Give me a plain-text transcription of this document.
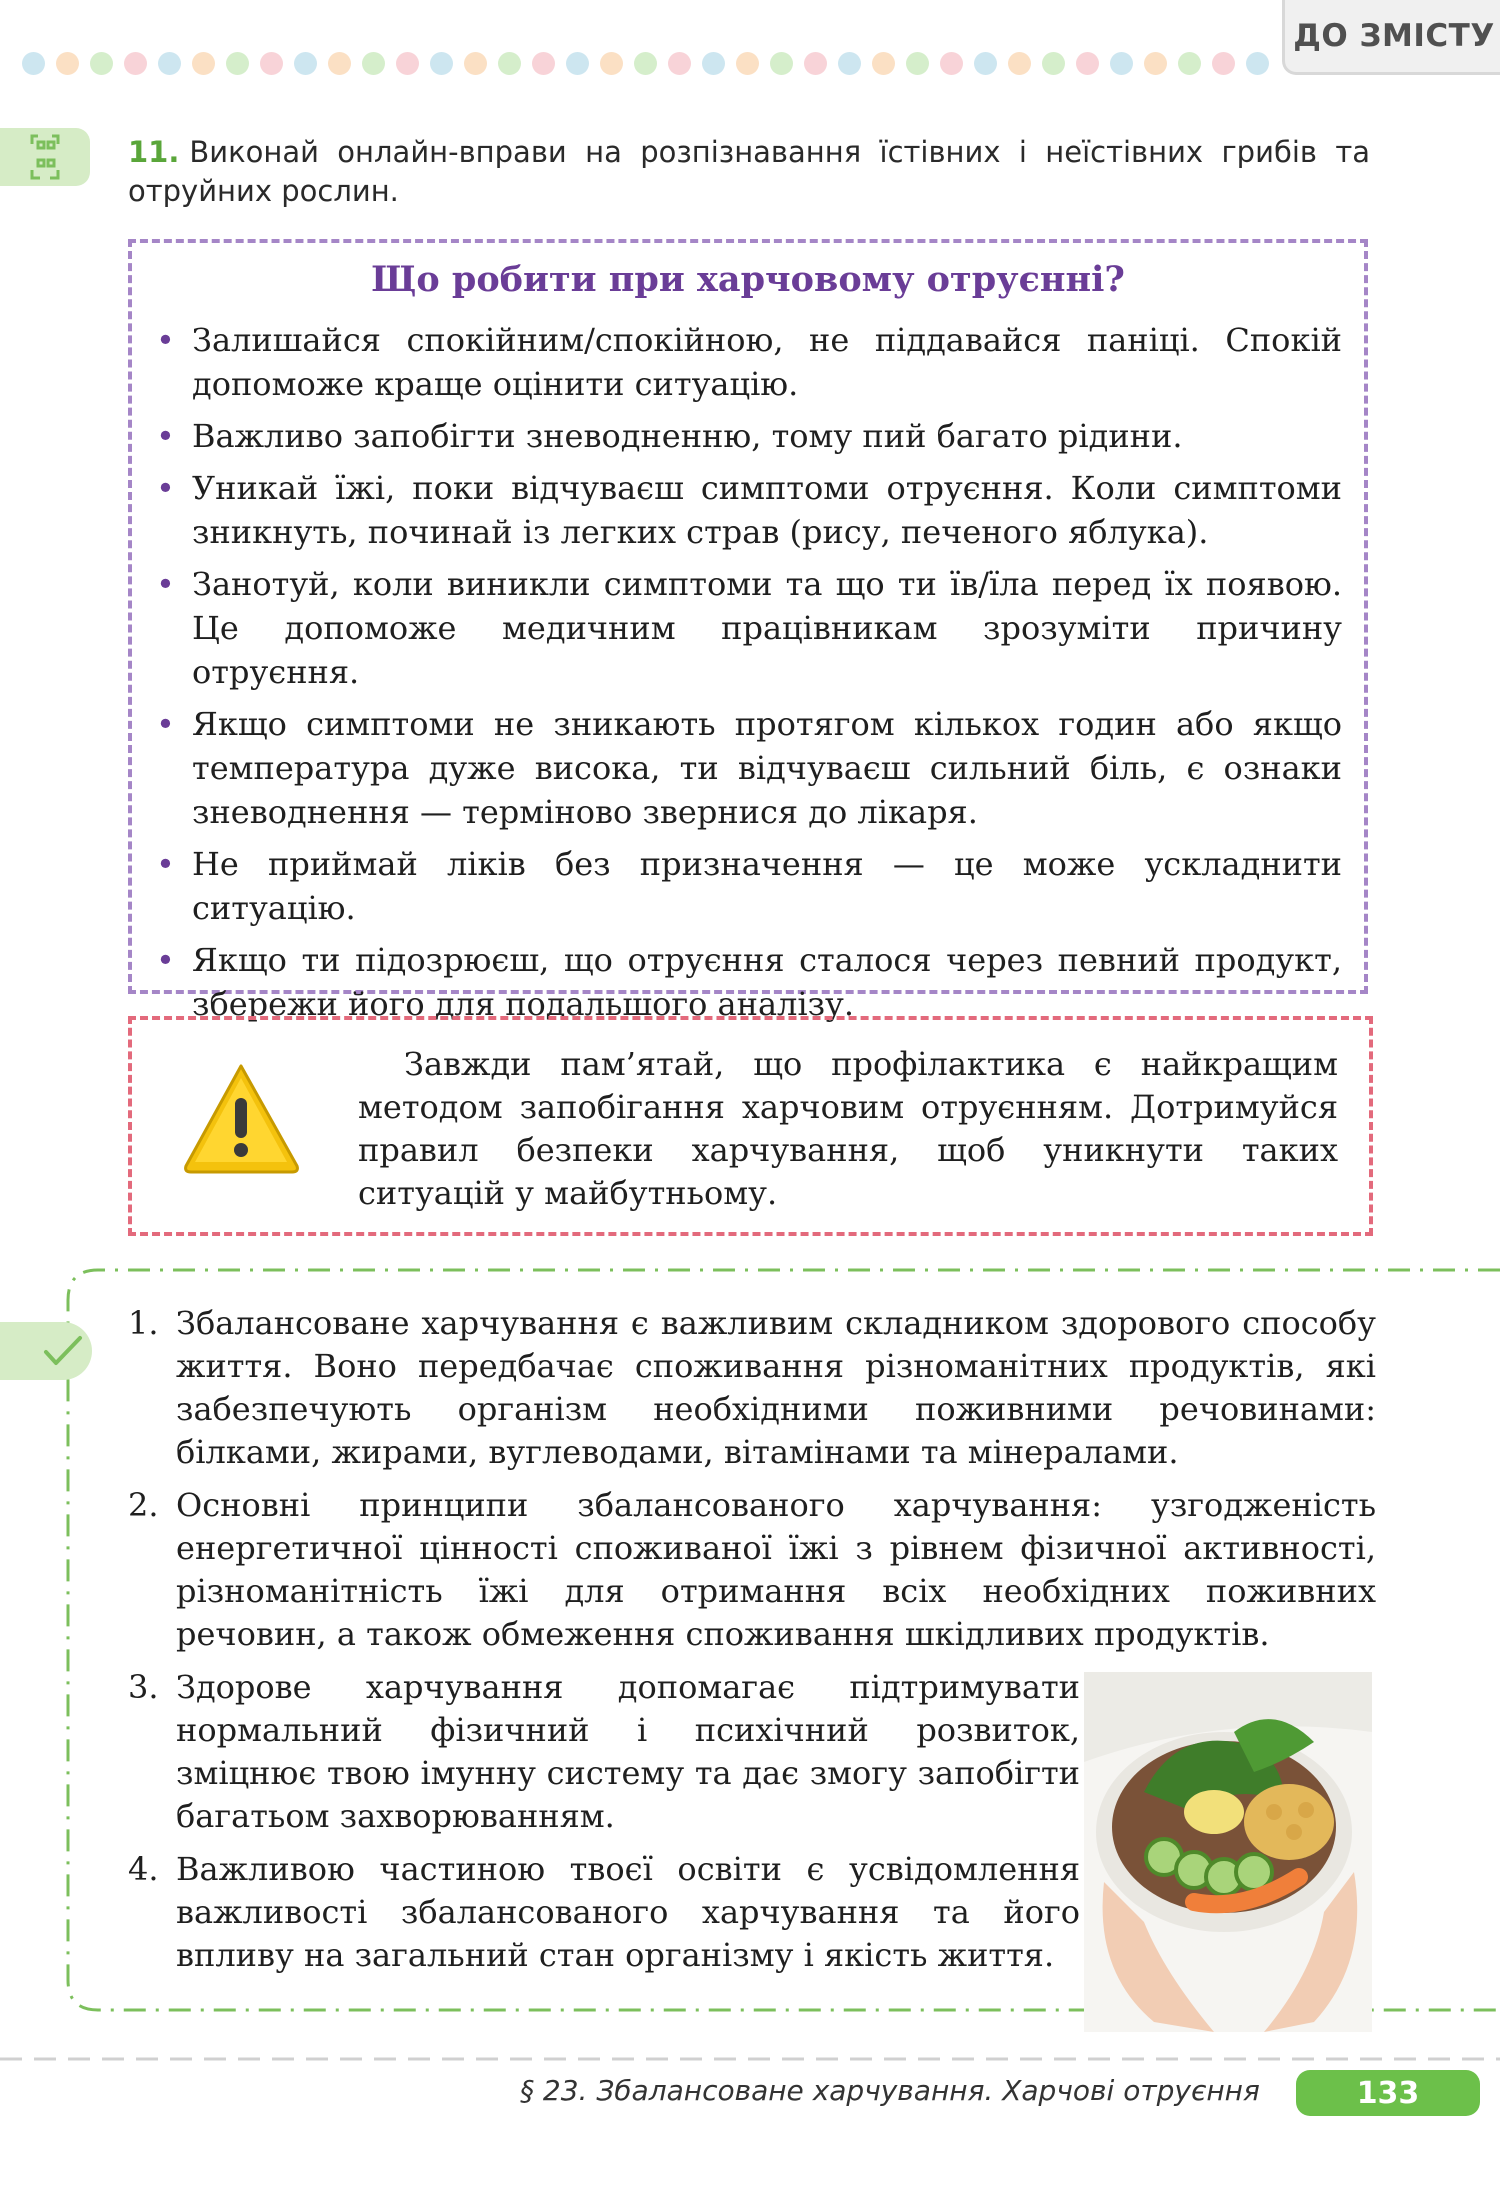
ДО ЗМІСТУ
11. Виконай онлайн-вправи на розпізнавання їстівних і неїстівних грибів та отруйних рослин.
Що робити при харчовому отруєнні?
• Залишайся спокійним/спокійною, не піддавайся паніці. Спокій допоможе краще оцінити ситуацію.
• Важливо запобігти зневодненню, тому пий багато рідини.
• Уникай їжі, поки відчуваєш симптоми отруєння. Коли симптоми зникнуть, починай із легких страв (рису, печеного яблука).
• Занотуй, коли виникли симптоми та що ти їв/їла перед їх появою. Це допоможе медичним працівникам зрозуміти причину отруєння.
• Якщо симптоми не зникають протягом кількох годин або якщо температура дуже висока, ти відчуваєш сильний біль, є ознаки зневоднення — терміново звернися до лікаря.
• Не приймай ліків без призначення — це може ускладнити ситуацію.
• Якщо ти підозрюєш, що отруєння сталося через певний продукт, збережи його для подальшого аналізу.
Завжди пам’ятай, що профілактика є найкращим методом запобігання харчовим отруєнням. Дотримуйся правил безпеки харчування, щоб уникнути таких ситуацій у майбутньому.
1. Збалансоване харчування є важливим складником здорового способу життя. Воно передбачає споживання різноманітних продуктів, які забезпечують організм необхідними поживними речовинами: білками, жирами, вуглеводами, вітамінами та мінералами.
2. Основні принципи збалансованого харчування: узгодженість енергетичної цінності споживаної їжі з рівнем фізичної активності, різноманітність їжі для отримання всіх необхідних поживних речовин, а також обмеження споживання шкідливих продуктів.
3. Здорове харчування допомагає підтримувати нормальний фізичний і психічний розвиток, зміцнює твою імунну систему та дає змогу запобігти багатьом захворюванням.
4. Важливою частиною твоєї освіти є усвідомлення важливості збалансованого харчування та його впливу на загальний стан організму і якість життя.
§ 23. Збалансоване харчування. Харчові отруєння	133
